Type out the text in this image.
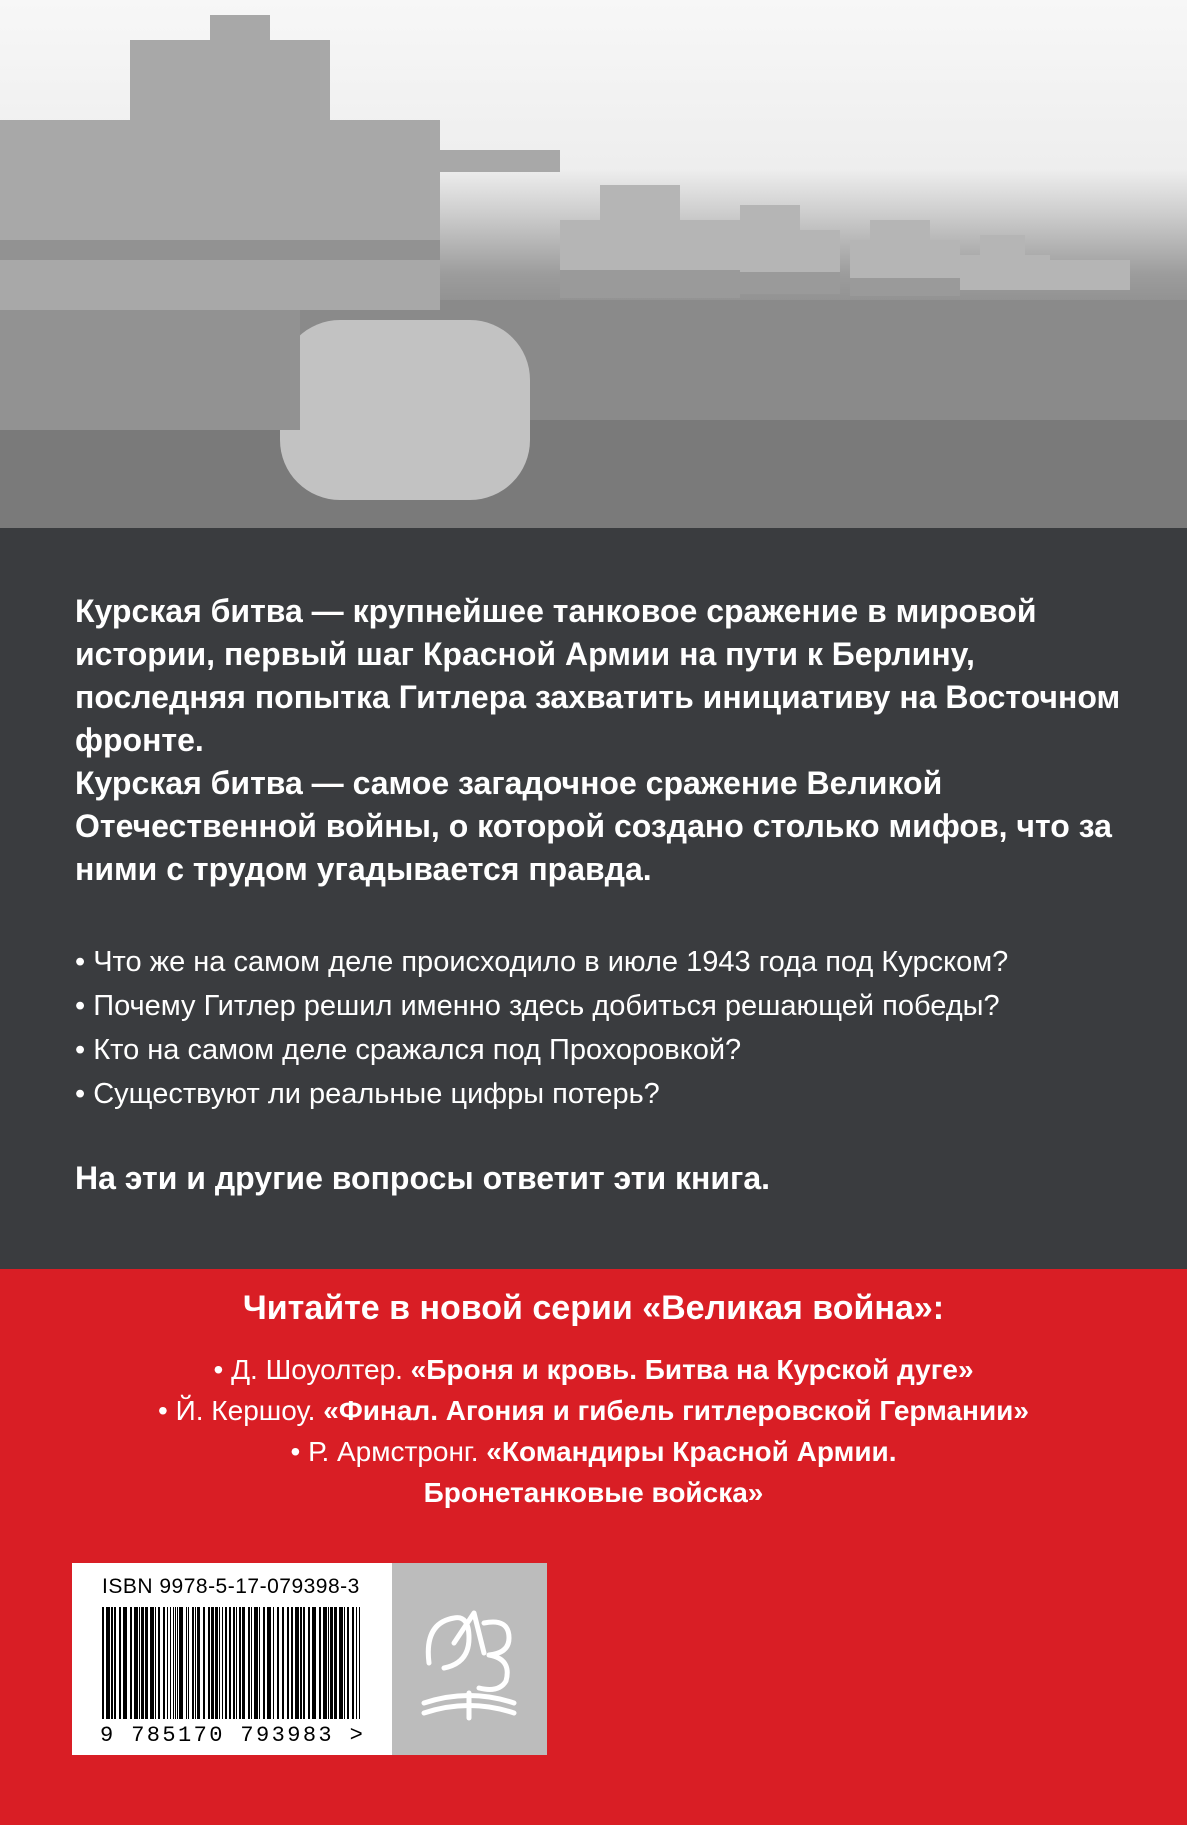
Курская битва — крупнейшее танковое сражение в мировой истории, первый шаг Красной Армии на пути к Берлину, последняя попытка Гитлера захватить инициативу на Восточном фронте.

Курская битва — самое загадочное сражение Великой Отечественной войны, о которой создано столько мифов, что за ними с трудом угадывается правда.

• Что же на самом деле происходило в июле 1943 года под Курском?
• Почему Гитлер решил именно здесь добиться решающей победы?
• Кто на самом деле сражался под Прохоровкой?
• Существуют ли реальные цифры потерь?

На эти и другие вопросы ответит эти книга.

Читайте в новой серии «Великая война»:

• Д. Шоуолтер. «Броня и кровь. Битва на Курской дуге»
• Й. Кершоу. «Финал. Агония и гибель гитлеровской Германии»
• Р. Армстронг. «Командиры Красной Армии.
Бронетанковые войска»
ISBN 9978-5-17-079398-3
9 785170 793983 >
